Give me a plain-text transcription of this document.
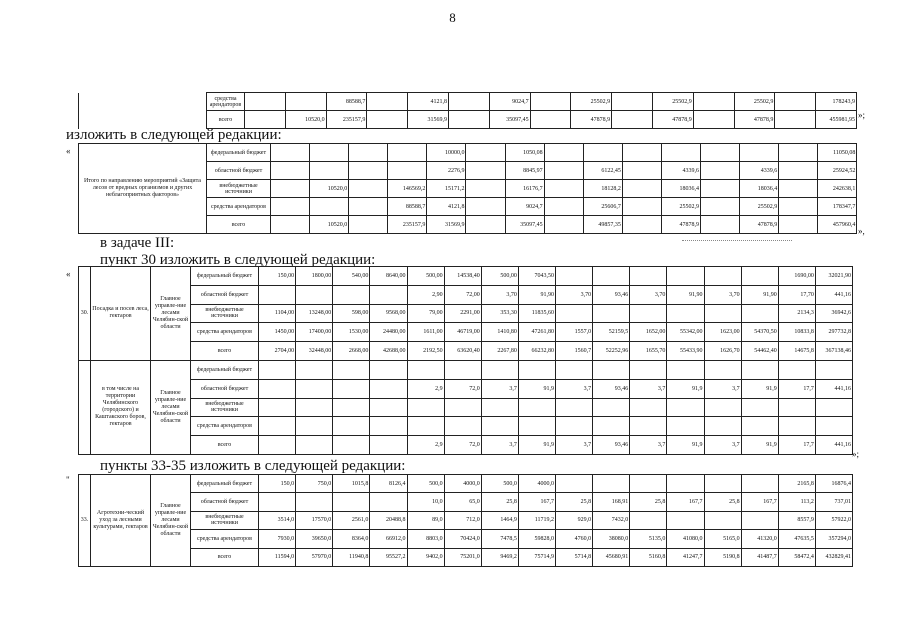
8
	средства арендаторов			88588,7		4121,8		9024,7		25502,9		25502,9		25502,9		178243,9
	всего		10520,0	235157,9		31569,9		35097,45		47878,9		47878,9		47878,9		455981,95 »;
изложить в следующей редакции:
«
Итого по направлению мероприятий «Защита лесов от вредных организмов и других неблагоприятных факторов»	федеральный бюджет					10000,0		1050,08								11050,08
	областной бюджет					2276,9		8845,97		6122,45		4339,6		4339,6		25924,52
	внебюджетные источники		10520,0		146569,2	15171,2		16176,7		18128,2		18036,4		18036,4		242638,1
	средства арендаторов				88588,7	4121,8		9024,7		25606,7		25502,9		25502,9		178347,7
	всего		10520,0		235157,9	31569,9		35097,45		49857,35		47878,9		47878,9		457960,4
»,
в задаче III:
пункт 30 изложить в следующей редакции:
«
30.	Посадка и посев леса, гектаров	Главное управле-ние лесами Челябин-ской области	федеральный бюджет	150,00	1800,00	540,00	8640,00	500,00	14538,40	500,00	7043,50							1690,00	32021,90
			областной бюджет					2,90	72,00	3,70	91,90	3,70	93,46	3,70	91,90	3,70	91,90	17,70	441,16
			внебюджетные источники	1104,00	13248,00	598,00	9568,00	79,00	2291,00	353,30	11835,60							2134,3	36942,6
			средства арендаторов	1450,00	17400,00	1530,00	24480,00	1611,00	46719,00	1410,80	47261,80	1557,0	52159,5	1652,00	55342,00	1623,00	54370,50	10833,8	297732,8
			всего	2704,00	32448,00	2668,00	42688,00	2192,50	63620,40	2267,80	66232,80	1560,7	52252,96	1655,70	55433,90	1626,70	54462,40	14675,8	367138,46
	в том числе на территории Челябинского (городского) и Каштакского боров, гектаров	Главное управле-ние лесами Челябин-ской области	федеральный бюджет																
			областной бюджет					2,9	72,0	3,7	91,9	3,7	93,46	3,7	91,9	3,7	91,9	17,7	441,16
			внебюджетные источники																
			средства арендаторов																
			всего					2,9	72,0	3,7	91,9	3,7	93,46	3,7	91,9	3,7	91,9	17,7	441,16
»;
пункты 33-35 изложить в следующей редакции:
"
33.	Агротехни-ческий уход за лесными культурами, гектаров	Главное управле-ние лесами Челябин-ской области	федеральный бюджет	150,0	750,0	1015,8	8126,4	500,0	4000,0	500,0	4000,0							2165,8	16876,4
			областной бюджет					10,0	65,0	25,8	167,7	25,8	168,91	25,8	167,7	25,8	167,7	113,2	737,01
			внебюджетные источники	3514,0	17570,0	2561,0	20488,8	89,0	712,0	1464,9	11719,2	929,0	7432,0					8557,9	57922,0
			средства арендаторов	7930,0	39650,0	8364,0	66912,0	8803,0	70424,0	7478,5	59828,0	4760,0	38080,0	5135,0	41080,0	5165,0	41320,0	47635,5	357294,0
			всего	11594,0	57970,0	11940,8	95527,2	9402,0	75201,0	9469,2	75714,9	5714,8	45680,91	5160,8	41247,7	5190,8	41487,7	58472,4	432829,41
